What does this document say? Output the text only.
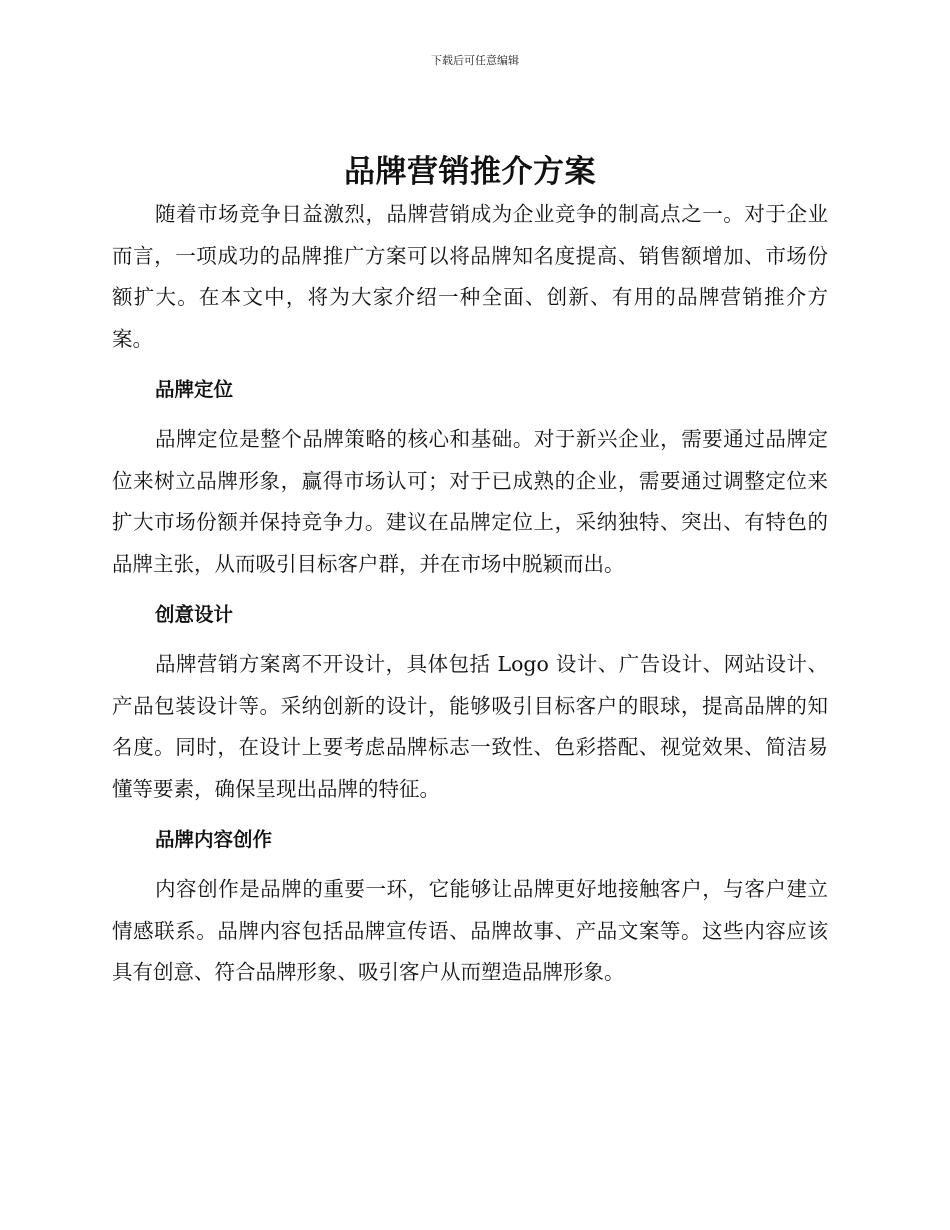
下载后可任意编辑
品牌营销推介方案

随着市场竞争日益激烈，品牌营销成为企业竞争的制高点之一。对于企业而言，一项成功的品牌推广方案可以将品牌知名度提高、销售额增加、市场份额扩大。在本文中，将为大家介绍一种全面、创新、有用的品牌营销推介方案。

品牌定位

品牌定位是整个品牌策略的核心和基础。对于新兴企业，需要通过品牌定位来树立品牌形象，赢得市场认可；对于已成熟的企业，需要通过调整定位来扩大市场份额并保持竞争力。建议在品牌定位上，采纳独特、突出、有特色的品牌主张，从而吸引目标客户群，并在市场中脱颖而出。

创意设计

品牌营销方案离不开设计，具体包括 Logo 设计、广告设计、网站设计、产品包装设计等。采纳创新的设计，能够吸引目标客户的眼球，提高品牌的知名度。同时，在设计上要考虑品牌标志一致性、色彩搭配、视觉效果、简洁易懂等要素，确保呈现出品牌的特征。

品牌内容创作

内容创作是品牌的重要一环，它能够让品牌更好地接触客户，与客户建立情感联系。品牌内容包括品牌宣传语、品牌故事、产品文案等。这些内容应该具有创意、符合品牌形象、吸引客户从而塑造品牌形象。
